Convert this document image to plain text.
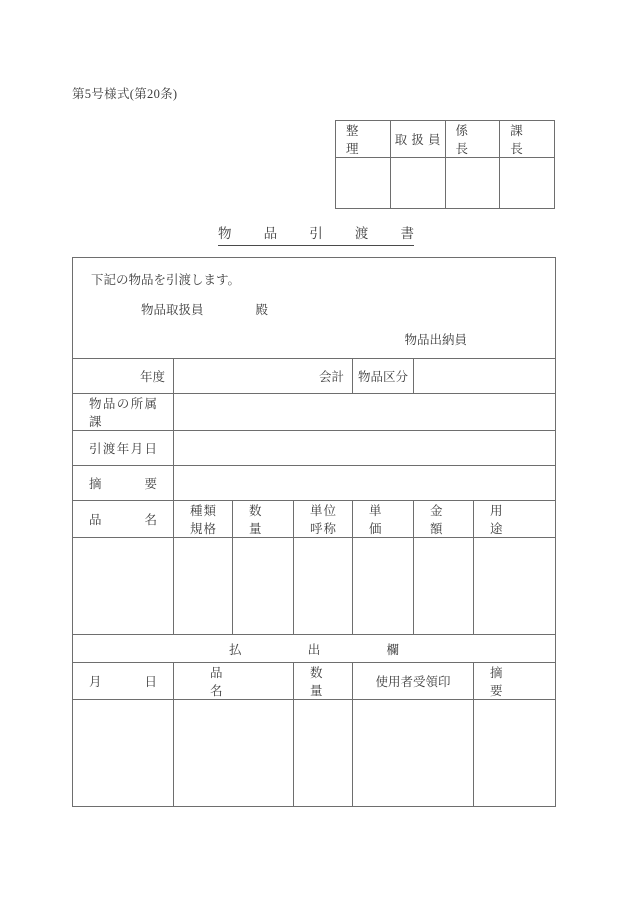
第5号様式(第20条)
整　理	取扱員	係　長	課　長

物　品　引　渡　書
下記の物品を引渡します。
物品取扱員 殿
物品出納員						

年度	会計			物品区分		

物品の所属課						

引渡年月日						

摘　　　要						

品　　名	種類規格	数　　量	単位呼称	単　　価	金　　額	用　　途

払　出　欄						

月　　日	品　　名		数　量	使用者受領印		摘　　要
